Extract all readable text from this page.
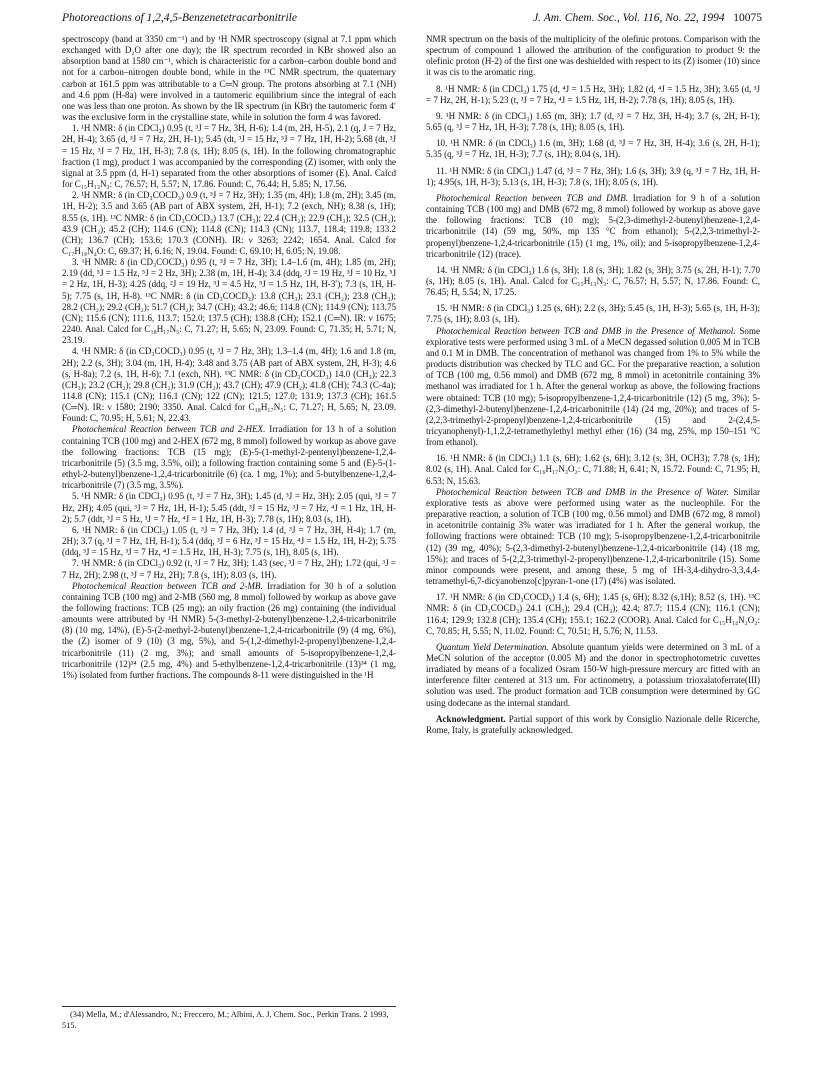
Photoreactions of 1,2,4,5-Benzenetetracarbonitrile	J. Am. Chem. Soc., Vol. 116, No. 22, 1994 10075

spectroscopy (band at 3350 cm⁻¹) and by ¹H NMR spectroscopy (signal at 7.1 ppm which exchanged with D₂O after one day); the IR spectrum recorded in KBr showed also an absorption band at 1580 cm⁻¹, which is characteristic for a carbon–carbon double bond and not for a carbon–nitrogen double bond, while in the ¹³C NMR spectrum, the quaternary carbon at 161.5 ppm was attributable to a C═N group. The protons absorbing at 7.1 (NH) and 4.6 ppm (H-8a) were involved in a tautomeric equilibrium since the integral of each one was less than one proton. As shown by the IR spectrum (in KBr) the tautomeric form 4′ was the exclusive form in the crystalline state, while in solution the form 4 was favored.

1. ¹H NMR: δ (in CDCl₃) 0.95 (t, ³J = 7 Hz, 3H, H-6); 1.4 (m, 2H, H-5), 2.1 (q, J = 7 Hz, 2H, H-4); 3.65 (d, ³J = 7 Hz, 2H, H-1); 5.45 (dt, ³J = 15 Hz, ³J = 7 Hz, 1H, H-2); 5.68 (dt, ³J = 15 Hz, ³J = 7 Hz, 1H, H-3); 7.8 (s, 1H); 8.05 (s, 1H). In the following chromatographic fraction (1 mg), product 1 was accompanied by the corresponding (Z) isomer, with only the signal at 3.5 ppm (d, H-1) separated from the other absorptions of isomer (E). Anal. Calcd for C₁₅H₁₃N₃: C, 76.57; H, 5.57; N, 17.86. Found: C, 76.44; H, 5.85; N, 17.56.

2. ¹H NMR: δ (in CD₃COCD₃) 0.9 (t, ³J = 7 Hz, 3H); 1.35 (m, 4H); 1.8 (m, 2H); 3.45 (m, 1H, H-2); 3.5 and 3.65 (AB part of ABX system, 2H, H-1); 7.2 (exch, NH); 8.38 (s, 1H); 8.55 (s, 1H). ¹³C NMR: δ (in CD₃COCD₃) 13.7 (CH₃); 22.4 (CH₂); 22.9 (CH₃); 32.5 (CH₂); 43.9 (CH₂); 45.2 (CH); 114.6 (CN); 114.8 (CN); 114.3 (CN); 113.7, 118.4; 119.8; 133.2 (CH); 136.7 (CH); 153.6; 170.3 (CONH). IR: ν 3263; 2242; 1654. Anal. Calcd for C₁₇H₁₈N₄O: C, 69.37; H, 6.16; N, 19.04. Found: C, 69.10; H, 6.05; N, 19.08.

3. ¹H NMR: δ (in CD₃COCD₃) 0.95 (t, ³J = 7 Hz, 3H); 1.4–1.6 (m, 4H); 1.85 (m, 2H); 2.19 (dd, ⁵J = 1.5 Hz, ⁵J = 2 Hz, 3H); 2.38 (m, 1H, H-4); 3.4 (ddq, ²J = 19 Hz, ³J = 10 Hz, ⁵J = 2 Hz, 1H, H-3); 4.25 (ddq, ²J = 19 Hz, ³J = 4.5 Hz, ⁵J = 1.5 Hz, 1H, H-3′); 7.3 (s, 1H, H-5); 7.75 (s, 1H, H-8). ¹³C NMR: δ (in CD₃COCD₃): 13.8 (CH₃); 23.1 (CH₂); 23.8 (CH₃); 28.2 (CH₂); 29.2 (CH₂); 51.7 (CH₂); 34.7 (CH); 43.2; 46.6; 114.8 (CN); 114.9 (CN); 113.75 (CN); 115.6 (CN); 111.6, 113.7; 152.0; 137.5 (CH); 138.8 (CH); 152.1 (C═N). IR: ν 1675; 2240. Anal. Calcd for C₁₈H₁₇N₅: C, 71.27; H, 5.65; N, 23.09. Found: C, 71.35; H, 5.71; N, 23.19.

4. ¹H NMR: δ (in CD₃COCD₃) 0.95 (t, ³J = 7 Hz, 3H); 1.3–1.4 (m, 4H); 1.6 and 1.8 (m, 2H); 2.2 (s, 3H); 3.04 (m, 1H, H-4); 3.48 and 3.75 (AB part of ABX system, 2H, H-3); 4.6 (s, H-8a); 7.2 (s, 1H, H-6); 7.1 (exch, NH). ¹³C NMR: δ (in CD₃COCD₃) 14.0 (CH₃); 22.3 (CH₃); 23.2 (CH₂); 29.8 (CH₂); 31.9 (CH₂); 43.7 (CH); 47.9 (CH₂); 41.8 (CH); 74.3 (C-4a); 114.8 (CN); 115.1 (CN); 116.1 (CN); 122 (CN); 121.5; 127.0; 131.9; 137.3 (CH); 161.5 (C═N). IR: ν 1580; 2190; 3350. Anal. Calcd for C₁₈H₁₇N₅: C, 71.27; H, 5.65; N, 23.09. Found: C, 70.95; H, 5.61; N, 22.43.

Photochemical Reaction between TCB and 2-HEX. Irradiation for 13 h of a solution containing TCB (100 mg) and 2-HEX (672 mg, 8 mmol) followed by workup as above gave the following fractions: TCB (15 mg); (E)-5-(1-methyl-2-pentenyl)benzene-1,2,4-tricarbonitrile (5) (3.5 mg, 3.5%, oil); a following fraction containing some 5 and (E)-5-(1-ethyl-2-butenyl)benzene-1,2,4-tricarbonitrile (6) (ca. 1 mg, 1%); and 5-butylbenzene-1,2,4-tricarbonitrile (7) (3.5 mg, 3.5%).

5. ¹H NMR: δ (in CDCl₃) 0.95 (t, ³J = 7 Hz, 3H); 1.45 (d, ³J = Hz, 3H); 2.05 (qui, ³J = 7 Hz, 2H); 4.05 (qui, ³J = 7 Hz, 1H, H-1); 5.45 (ddt, ³J = 15 Hz, ³J = 7 Hz, ⁴J = 1 Hz, 1H, H-2); 5.7 (ddt, ³J = 5 Hz, ³J = 7 Hz, ⁴J = 1 Hz, 1H, H-3); 7.78 (s, 1H); 8.03 (s, 1H).

6. ¹H NMR: δ (in CDCl₃) 1.05 (t, ³J = 7 Hz, 3H); 1.4 (d, ³J = 7 Hz, 3H, H-4); 1.7 (m, 2H); 3.7 (q, ³J = 7 Hz, 1H, H-1); 5.4 (ddq, ³J = 6 Hz, ³J = 15 Hz, ⁴J = 1.5 Hz, 1H, H-2); 5.75 (ddq, ³J = 15 Hz, ³J = 7 Hz, ⁴J = 1.5 Hz, 1H, H-3); 7.75 (s, 1H), 8.05 (s, 1H).

7. ¹H NMR: δ (in CDCl₃) 0.92 (t, ³J = 7 Hz, 3H); 1.43 (sec, ³J = 7 Hz, 2H); 1.72 (qui, ³J = 7 Hz, 2H); 2.98 (t, ³J = 7 Hz, 2H); 7.8 (s, 1H); 8.03 (s, 1H).

Photochemical Reaction between TCB and 2-MB. Irradiation for 30 h of a solution containing TCB (100 mg) and 2-MB (560 mg, 8 mmol) followed by workup as above gave the following fractions: TCB (25 mg); an oily fraction (26 mg) containing (the individual amounts were attributed by ¹H NMR) 5-(3-methyl-2-butenyl)benzene-1,2,4-tricarbonitrile (8) (10 mg, 14%), (E)-5-(2-methyl-2-butenyl)benzene-1,2,4-tricarbonitrile (9) (4 mg, 6%), the (Z) isomer of 9 (10) (3 mg, 5%), and 5-(1,2-dimethyl-2-propenyl)benzene-1,2,4-tricarbonitrile (11) (2 mg, 3%); and small amounts of 5-isopropylbenzene-1,2,4-tricarbonitrile (12)³⁴ (2.5 mg, 4%) and 5-ethylbenzene-1,2,4-tricarbonitrile (13)³⁴ (1 mg, 1%) isolated from further fractions. The compounds 8-11 were distinguished in the ¹H

NMR spectrum on the basis of the multiplicity of the olefinic protons. Comparison with the spectrum of compound 1 allowed the attribution of the configuration to product 9: the olefinic proton (H-2) of the first one was deshielded with respect to its (Z) isomer (10) since it was cis to the aromatic ring.

8. ¹H NMR: δ (in CDCl₃) 1.75 (d, ⁴J = 1.5 Hz, 3H); 1,82 (d, ⁴J = 1.5 Hz, 3H); 3.65 (d, ³J = 7 Hz, 2H, H-1); 5.23 (t, ³J = 7 Hz, ⁴J = 1.5 Hz, 1H, H-2); 7.78 (s, 1H); 8.05 (s, 1H).

9. ¹H NMR: δ (in CDCl₃) 1.65 (m, 3H); 1.7 (d, ³J = 7 Hz, 3H, H-4); 3.7 (s, 2H, H-1); 5.65 (q, ³J = 7 Hz, 1H, H-3); 7.78 (s, 1H); 8.05 (s, 1H).

10. ¹H NMR: δ (in CDCl₃) 1.6 (m, 3H); 1.68 (d, ³J = 7 Hz, 3H, H-4); 3.6 (s, 2H, H-1); 5.35 (q, ³J = 7 Hz, 1H, H-3); 7.7 (s, 1H); 8.04 (s, 1H).

11. ¹H NMR: δ (in CDCl₃) 1.47 (d, ³J = 7 Hz, 3H); 1.6 (s, 3H); 3.9 (q, ³J = 7 Hz, 1H, H-1); 4.95(s, 1H, H-3); 5.13 (s, 1H, H-3); 7.8 (s, 1H); 8.05 (s, 1H).

Photochemical Reaction between TCB and DMB. Irradiation for 9 h of a solution containing TCB (100 mg) and DMB (672 mg, 8 mmol) followed by workup as above gave the following fractions: TCB (10 mg); 5-(2,3-dimethyl-2-butenyl)benzene-1,2,4-tricarbonitrile (14) (59 mg, 50%, mp 135 °C from ethanol); 5-(2,2,3-trimethyl-2-propenyl)benzene-1,2,4-tricarbonitrile (15) (1 mg, 1%, oil); and 5-isopropylbenzene-1,2,4-tricarbonitrile (12) (trace).

14. ¹H NMR: δ (in CDCl₃) 1.6 (s, 3H); 1.8 (s, 3H); 1.82 (s, 3H); 3.75 (s, 2H, H-1); 7.70 (s, 1H); 8.05 (s, 1H). Anal. Calcd for C₁₅H₁₃N₃: C, 76.57; H, 5.57; N, 17.86. Found: C, 76.45; H, 5.54; N, 17.25.

15. ¹H NMR: δ (in CDCl₃) 1.25 (s, 6H); 2.2 (s, 3H); 5.45 (s, 1H, H-3); 5.65 (s, 1H, H-3); 7.75 (s, 1H); 8.03 (s, 1H).

Photochemical Reaction between TCB and DMB in the Presence of Methanol. Some explorative tests were performed using 3 mL of a MeCN degassed solution 0.005 M in TCB and 0.1 M in DMB. The concentration of methanol was changed from 1% to 5% while the products distribution was checked by TLC and GC. For the preparative reaction, a solution of TCB (100 mg, 0.56 mmol) and DMB (672 mg, 8 mmol) in acetonitrile containing 3% methanol was irradiated for 1 h. After the general workup as above, the following fractions were obtained: TCB (10 mg); 5-isopropylbenzene-1,2,4-tricarbonitrile (12) (5 mg, 3%); 5-(2,3-dimethyl-2-butenyl)benzene-1,2,4-tricarbonitrile (14) (24 mg, 20%); and traces of 5-(2,2,3-trimethyl-2-propenyl)benzene-1,2,4-tricarbonitrile (15) and 2-(2,4,5-tricyanophenyl)-1,1,2,2-tetramethylethyl methyl ether (16) (34 mg, 25%, mp 150–151 °C from ethanol).

16. ¹H NMR: δ (in CDCl₃) 1.1 (s, 6H); 1.62 (s, 6H); 3.12 (s, 3H, OCH3); 7.78 (s, 1H); 8.02 (s, 1H). Anal. Calcd for C₁₆H₁₇N₃O₂: C, 71.88; H, 6.41; N, 15.72. Found: C, 71.95; H, 6.53; N, 15.63.

Photochemical Reaction between TCB and DMB in the Presence of Water. Similar explorative tests as above were performed using water as the nucleophile. For the preparative reaction, a solution of TCB (100 mg, 0.56 mmol) and DMB (672 mg, 8 mmol) in acetonitrile containig 3% water was irradiated for 1 h. After the general workup, the following fractions were obtained: TCB (10 mg); 5-isopropylbenzene-1,2,4-tricarbonitrile (12) (39 mg, 40%); 5-(2,3-dimethyl-2-butenyl)benzene-1,2,4-tricarbonitrile (14) (18 mg, 15%); and traces of 5-(2,2,3-trimethyl-2-propenyl)benzene-1,2,4-tricarbonitrile (15). Some minor compounds were present, and among these, 5 mg of 1H-3,4-dihydro-3,3,4,4-tetramethyl-6,7-dicyanobenzo[c]pyran-1-one (17) (4%) was isolated.

17. ¹H NMR: δ (in CD₃COCD₃) 1.4 (s, 6H); 1.45 (s, 6H); 8.32 (s,1H); 8.52 (s, 1H). ¹³C NMR: δ (in CD₃COCD₃) 24.1 (CH₃); 29.4 (CH₃); 42.4; 87.7; 115.4 (CN); 116.1 (CN); 116.4; 129.9; 132.8 (CH); 135.4 (CH); 155.1; 162.2 (COOR). Anal. Calcd for C₁₅H₁₄N₂O₂: C, 70.85; H, 5.55; N, 11.02. Found: C, 70.51; H, 5.76; N, 11.53.

Quantum Yield Determination. Absolute quantum yields were determined on 3 mL of a MeCN solution of the acceptor (0.005 M) and the donor in spectrophotometric cuvettes irradiated by means of a focalized Osram 150-W high-pressure mercury arc fitted with an interference filter centered at 313 nm. For actinometry, a potassium trioxalatoferrate(III) solution was used. The product formation and TCB consumption were determined by GC using dodecane as the internal standard.

Acknowledgment. Partial support of this work by Consiglio Nazionale delle Ricerche, Rome, Italy, is gratefully acknowledged.

(34) Mella, M.; d'Alessandro, N.; Freccero, M.; Albini, A. J. Chem. Soc., Perkin Trans. 2 1993, 515.
